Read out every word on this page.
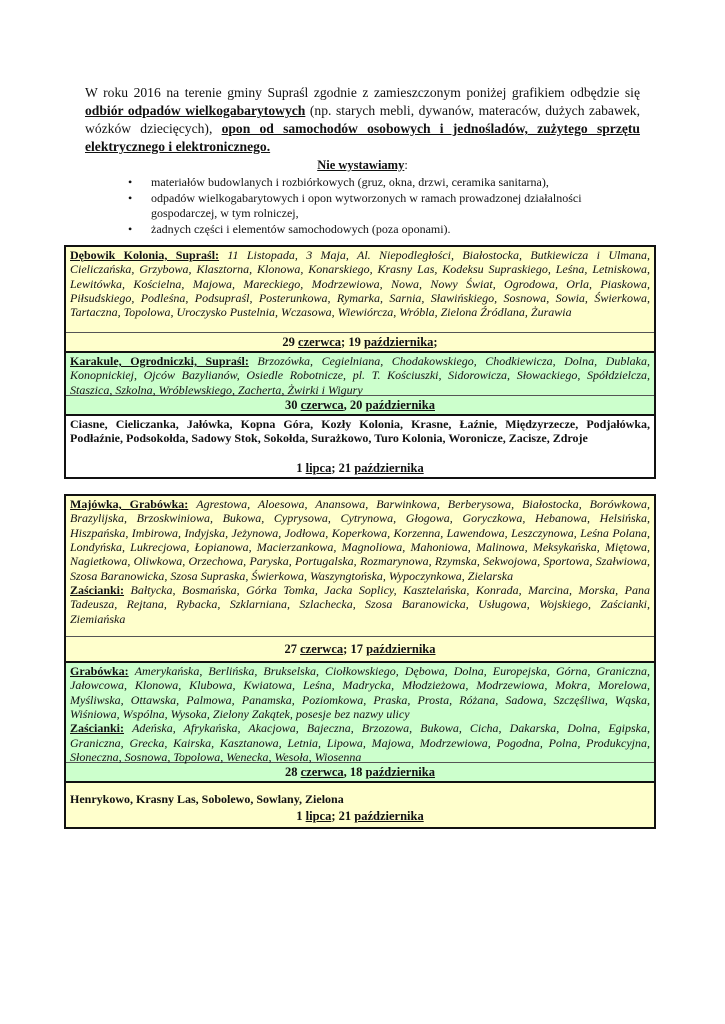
W roku 2016 na terenie gminy Supraśl zgodnie z zamieszczonym poniżej grafikiem odbędzie się odbiór odpadów wielkogabarytowych (np. starych mebli, dywanów, materaców, dużych zabawek, wózków dziecięcych), opon od samochodów osobowych i jednośladów, zużytego sprzętu elektrycznego i elektronicznego.
Nie wystawiamy:
• materiałów budowlanych i rozbiórkowych (gruz, okna, drzwi, ceramika sanitarna),
• odpadów wielkogabarytowych i opon wytworzonych w ramach prowadzonej działalności gospodarczej, w tym rolniczej,
• żadnych części i elementów samochodowych (poza oponami).
Dębowik Kolonia, Supraśl: 11 Listopada, 3 Maja, Al. Niepodległości, Białostocka, Butkiewicza i Ulmana, Cieliczańska, Grzybowa, Klasztorna, Klonowa, Konarskiego, Krasny Las, Kodeksu Supraskiego, Leśna, Letniskowa, Lewitówka, Kościelna, Majowa, Mareckiego, Modrzewiowa, Nowa, Nowy Świat, Ogrodowa, Orla, Piaskowa, Piłsudskiego, Podleśna, Podsupraśl, Posterunkowa, Rymarka, Sarnia, Sławińskiego, Sosnowa, Sowia, Świerkowa, Tartaczna, Topolowa, Uroczysko Pustelnia, Wczasowa, Wiewiórcza, Wróbla, Zielona Źródlana, Żurawia
29 czerwca; 19 października;
Karakule, Ogrodniczki, Supraśl: Brzozówka, Cegielniana, Chodakowskiego, Chodkiewicza, Dolna, Dublaka, Konopnickiej, Ojców Bazylianów, Osiedle Robotnicze, pl. T. Kościuszki, Sidorowicza, Słowackiego, Spółdzielcza, Staszica, Szkolna, Wróblewskiego, Zacherta, Żwirki i Wigury
30 czerwca, 20 października
Ciasne, Cieliczanka, Jałówka, Kopna Góra, Kozły Kolonia, Krasne, Łaźnie, Międzyrzecze, Podjałówka, Podłaźnie, Podsokołda, Sadowy Stok, Sokołda, Surażkowo, Turo Kolonia, Woronicze, Zacisze, Zdroje
1 lipca; 21 października
Majówka, Grabówka: Agrestowa, Aloesowa, Anansowa, Barwinkowa, Berberysowa, Białostocka, Borówkowa, Brazylijska, Brzoskwiniowa, Bukowa, Cyprysowa, Cytrynowa, Głogowa, Goryczkowa, Hebanowa, Helsińska, Hiszpańska, Imbirowa, Indyjska, Jeżynowa, Jodłowa, Koperkowa, Korzenna, Lawendowa, Leszczynowa, Leśna Polana, Londyńska, Lukrecjowa, Łopianowa, Macierzankowa, Magnoliowa, Mahoniowa, Malinowa, Meksykańska, Miętowa, Nagietkowa, Oliwkowa, Orzechowa, Paryska, Portugalska, Rozmarynowa, Rzymska, Sekwojowa, Sportowa, Szałwiowa, Szosa Baranowicka, Szosa Supraska, Świerkowa, Waszyngtońska, Wypoczynkowa, Zielarska
Zaścianki: Bałtycka, Bosmańska, Górka Tomka, Jacka Soplicy, Kasztelańska, Konrada, Marcina, Morska, Pana Tadeusza, Rejtana, Rybacka, Szklarniana, Szlachecka, Szosa Baranowicka, Usługowa, Wojskiego, Zaścianki, Ziemiańska
27 czerwca; 17 października
Grabówka: Amerykańska, Berlińska, Brukselska, Ciołkowskiego, Dębowa, Dolna, Europejska, Górna, Graniczna, Jałowcowa, Klonowa, Klubowa, Kwiatowa, Leśna, Madrycka, Młodzieżowa, Modrzewiowa, Mokra, Morelowa, Myśliwska, Ottawska, Palmowa, Panamska, Poziomkowa, Praska, Prosta, Różana, Sadowa, Szczęśliwa, Wąska, Wiśniowa, Wspólna, Wysoka, Zielony Zakątek, posesje bez nazwy ulicy
Zaścianki: Adeńska, Afrykańska, Akacjowa, Bajeczna, Brzozowa, Bukowa, Cicha, Dakarska, Dolna, Egipska, Graniczna, Grecka, Kairska, Kasztanowa, Letnia, Lipowa, Majowa, Modrzewiowa, Pogodna, Polna, Produkcyjna, Słoneczna, Sosnowa, Topolowa, Wenecka, Wesoła, Wiosenna
28 czerwca, 18 października
Henrykowo, Krasny Las, Sobolewo, Sowlany, Zielona
1 lipca; 21 października
